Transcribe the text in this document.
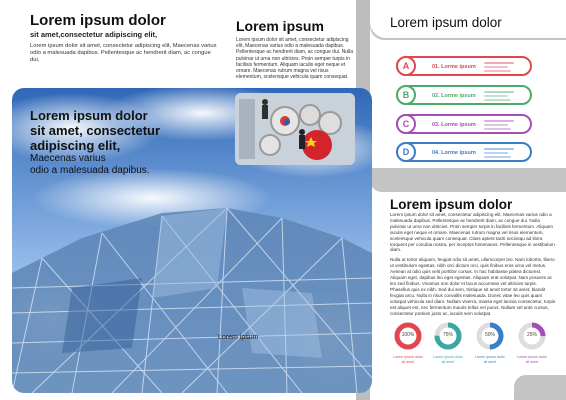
Lorem ipsum dolor

sit amet,consectetur adipiscing elit,

Lorem ipsum dolor sit amet, consectetur adipiscing elit, Maecenas varius odio a malesuada dapibus. Pellentesque ac hendrerit diam, ac congue dui,

Lorem ipsum

Lorem ipsum dolor sit amet, consectetur adipiscing elit, Maecenas varius odio a malesuada dapibus. Pellentesque ac hendrerit diam, ac congue dui. Nulla pulvinar ut urna non ultricies. Proin semper turpis in facilisis fermentum. Aliquam iaculis eget neque et ornare. Maecenas rutrum magna vel risus elementum, scelerisque vehicula quam consequat.

Lorem ipsum dolor

A	01. Lorme ipsum
B	02. Lorme ipsum
C	03. Lorme ipsum
D	04. Lorme ipsum

Lorem ipsum dolor

Lorem ipsum dolor sit amet, consectetur adipiscing elit, Maecenas varius odio a malesuada dapibus. Pellentesque ac hendrerit diam, ac congue dui. Nulla pulvinar ut urna non ultricies. Proin semper turpis in facilisis fermentum. Aliquam iaculis eget neque et ornare. Maecenas rutrum magna vel risus elementum, scelerisque vehicula quam consequat. Class aptent taciti sociosqu ad litora torquent per conubia nostra, per inceptos himenaeos. Pellentesque in vestibulum diam.

Nulla ut tortor aliquam, feugiat odio sit amet, ullamcorper leo. Nam lobortis, libero ut vestibulum egestas, nibh orci dictum orci, quis finibus eros urna vel metus. Aenean at odio quis velit porttitor cursus. In hac habitasse platea dictumst. Aliquam eget, dapibus leo eget egestas. Aliquam erat volutpat. Nam posuere ac leo sed finibus. Vivamus non dolor et lacus accumsan vel ultricies turpis. Phasellus quis ex nibh. Sed dui sem, tristique sit amet tortor sit amet, blandit feugiat arcu. Nulla in risus convallis malesuada. Donec vitae leo quis quam volutpat vehicula sed diam. Nullam viverra, massa eget lacinia consectetur, turpis est aliquet est, nec fermentum mauris tellus vel purus. Nullam vel ante cursus, consectetur pretium justo ac, iaculis sem volutpat.

100%
Lorem ipsum dolor sit amet
75%
Lorem ipsum dolor sit amet
50%
Lorem ipsum dolor sit amet
25%
Lorem ipsum dolor sit amet

Lorem ipsum dolor

sit amet, consectetur

adipiscing elit,

Maecenas varius

odio a malesuada dapibus.

Lorem ipsum
